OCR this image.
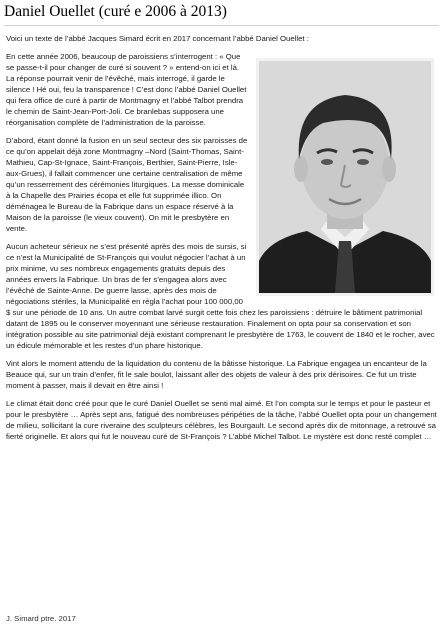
Daniel Ouellet (curé e 2006 à 2013)

Voici un texte de l’abbé Jacques Simard écrit en 2017 concernant l’abbé Daniel Ouellet :

En cette année 2006, beaucoup de paroissiens s’interrogent : « Que se passe-t-il pour changer de curé si souvent ? » entend-on ici et là. La réponse pourrait venir de l’évêché, mais interrogé, il garde le silence ! Hé oui, feu la transparence ! C’est donc l’abbé Daniel Ouellet qui fera office de curé à partir de Montmagny et l’abbé Talbot prendra le chemin de Saint-Jean-Port-Joli. Ce branlebas supposera une réorganisation complète de l’administration de la paroisse.

D’abord, étant donné la fusion en un seul secteur des six paroisses de ce qu’on appelait déjà zone Montmagny –Nord (Saint-Thomas, Saint-Mathieu, Cap-St-Ignace, Saint-François, Berthier, Saint-Pierre, Isle-aux-Grues), il fallait commencer une certaine centralisation de même qu’un resserrement des cérémonies liturgiques. La messe dominicale à la Chapelle des Prairies écopa et elle fut supprimée illico. On déménagea le Bureau de la Fabrique dans un espace réservé à la Maison de la paroisse (le vieux couvent). On mit le presbytère en vente.

Aucun acheteur sérieux ne s’est présenté après des mois de sursis, si ce n’est la Municipalité de St-François qui voulut négocier l’achat à un prix minime, vu ses nombreux engagements gratuits depuis des années envers la Fabrique. Un bras de fer s’engagea alors avec l’évêché de Sainte-Anne. De guerre lasse, après des mois de négociations stériles, la Municipalité en régla l’achat pour 100 000,00 $ sur une période de 10 ans. Un autre combat larvé surgit cette fois chez les paroissiens : détruire le bâtiment patrimonial datant de 1895 ou le conserver moyennant une sérieuse restauration. Finalement on opta pour sa conservation et son intégration possible au site patrimonial déjà existant comprenant le presbytère de 1763, le couvent de 1840 et le rocher, avec un édicule mémorable et les restes d’un phare historique.

Vint alors le moment attendu de la liquidation du contenu de la bâtisse historique. La Fabrique engagea un encanteur de la Beauce qui, sur un train d’enfer, fit le sale boulot, laissant aller des objets de valeur à des prix dérisoires. Ce fut un triste moment à passer, mais il devait en être ainsi !

Le climat était donc créé pour que le curé Daniel Ouellet se senti mal aimé. Et l’on compta sur le temps et pour le pasteur et pour le presbytère … Après sept ans, fatigué des nombreuses péripéties de la tâche, l’abbé Ouellet opta pour un changement de milieu, sollicitant la cure riveraine des sculpteurs célèbres, les Bourgault. Le second après dix de mitonnage, a retrouvé sa fierté originelle. Et alors qui fut le nouveau curé de St-François ? L’abbé Michel Talbot. Le mystère est donc resté complet …

J. Simard ptre. 2017
